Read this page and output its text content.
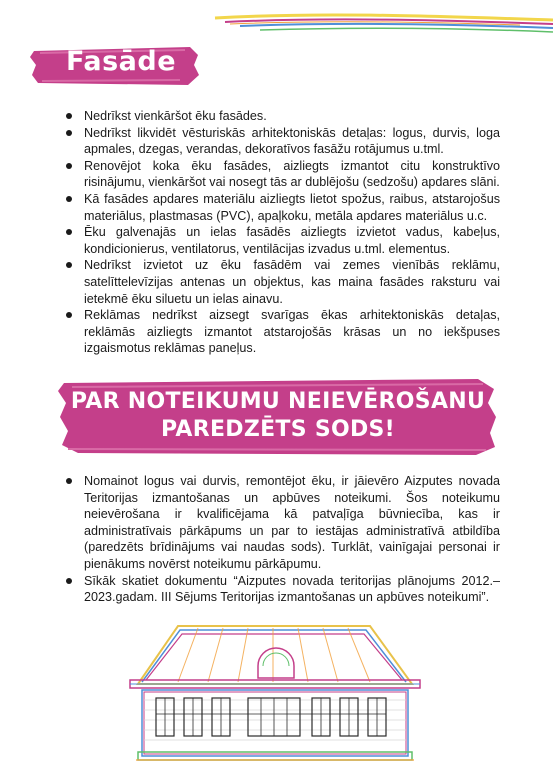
Fasāde
Nedrīkst vienkāršot ēku fasādes.
Nedrīkst likvidēt vēsturiskās arhitektoniskās detaļas: logus, durvis, loga apmales, dzegas, verandas, dekoratīvos fasāžu rotājumus u.tml.
Renovējot koka ēku fasādes, aizliegts izmantot citu konstruktīvo risinājumu, vienkāršot vai nosegt tās ar dublējošu (sedzošu) apdares slāni.
Kā fasādes apdares materiālu aizliegts lietot spožus, raibus, atstarojošus materiālus, plastmasas (PVC), apaļkoku, metāla apdares materiālus u.c.
Ēku galvenajās un ielas fasādēs aizliegts izvietot vadus, kabeļus, kondicionierus, ventilatorus, ventilācijas izvadus u.tml. elementus.
Nedrīkst izvietot uz ēku fasādēm vai zemes vienībās reklāmu, satelīttelevīzijas antenas un objektus, kas maina fasādes raksturu vai ietekmē ēku siluetu un ielas ainavu.
Reklāmas nedrīkst aizsegt svarīgas ēkas arhitektoniskās detaļas, reklāmās aizliegts izmantot atstarojošās krāsas un no iekšpuses izgaismotus reklāmas paneļus.
PAR NOTEIKUMU NEIEVĒROŠANU
PAREDZĒTS SODS!
Nomainot logus vai durvis, remontējot ēku, ir jāievēro Aizputes novada Teritorijas izmantošanas un apbūves noteikumi. Šos noteikumu neievērošana ir kvalificējama kā patvaļīga būvniecība, kas ir administratīvais pārkāpums un par to iestājas administratīvā atbildība (paredzēts brīdinājums vai naudas sods). Turklāt, vainīgajai personai ir pienākums novērst noteikumu pārkāpumu.
Sīkāk skatiet dokumentu “Aizputes novada teritorijas plānojums 2012.–2023.gadam. III Sējums Teritorijas izmantošanas un apbūves noteikumi”.
